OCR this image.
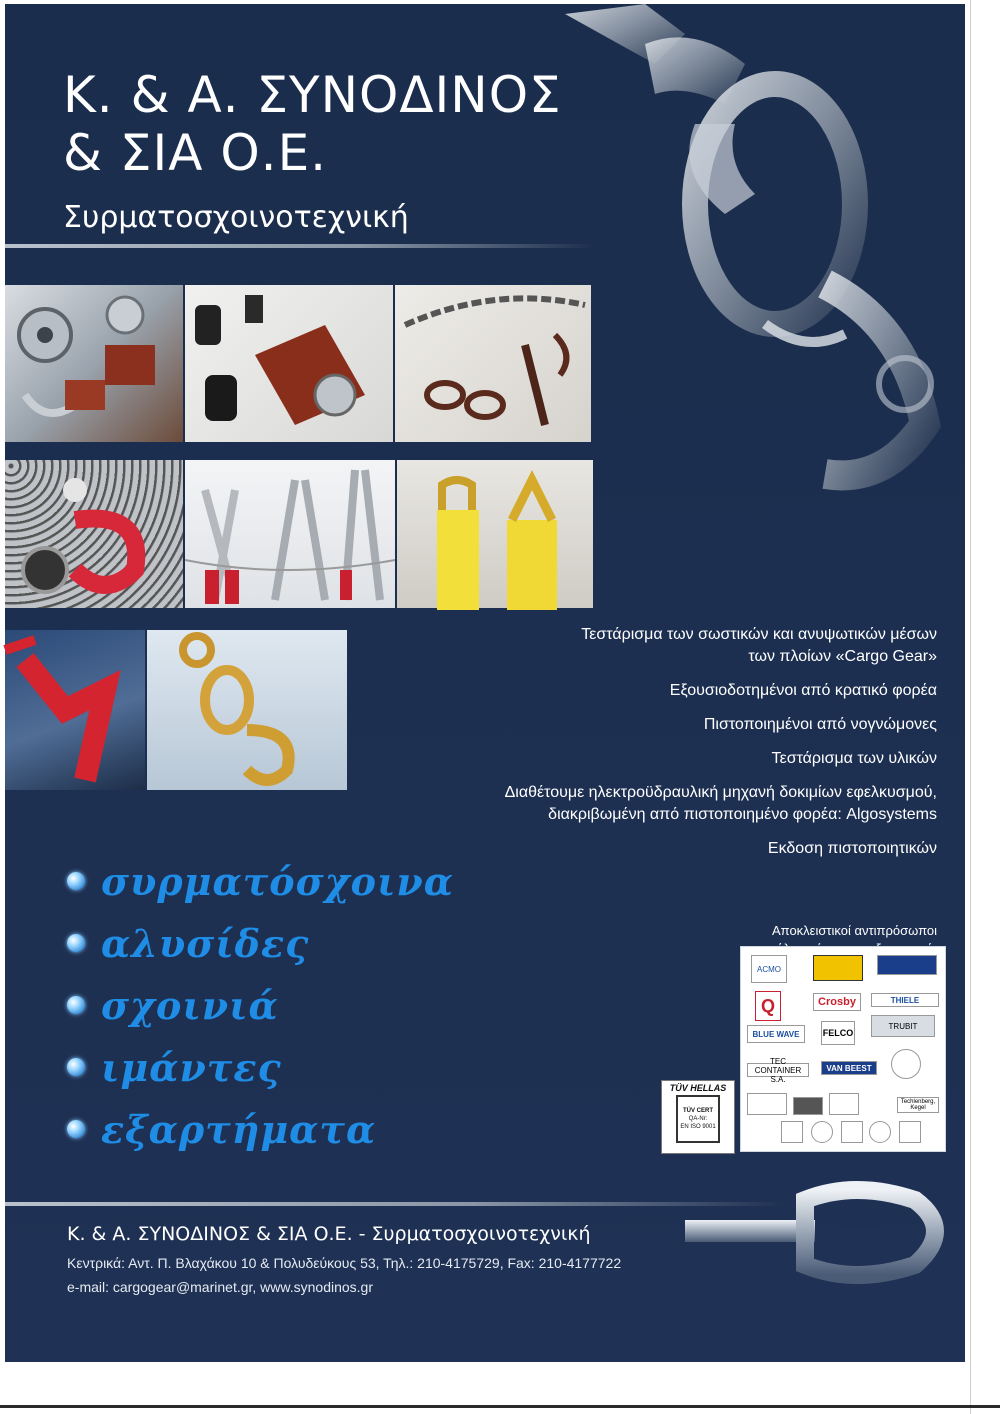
Κ. & Α. ΣΥΝΟΔΙΝΟΣ
& ΣΙΑ Ο.Ε.
Συρματοσχοινοτεχνική

Τεστάρισμα των σωστικών και ανυψωτικών μέσων

των πλοίων «Cargo Gear»

Εξουσιοδοτημένοι από κρατικό φορέα

Πιστοποιημένοι από νογνώμονες

Τεστάρισμα των υλικών

Διαθέτουμε ηλεκτροϋδραυλική μηχανή δοκιμίων εφελκυσμού,

διακριβωμένη από πιστοποιημένο φορέα: Algosystems

Εκδοση πιστοποιητικών

Αποκλειστικοί αντιπρόσωποι
ACMO
Q	Crosby	THIELE
BLUE WAVE	FELCO
TRUBIT
TEC CONTAINER S.A.
VAN BEEST
Techlenberg, Kegel
TÜV HELLAS
TÜV CERT
QA-Nr:
EN ISO 9001
συρματόσχοινα
αλυσίδες
σχοινιά
ιμάντες
εξαρτήματα
Κ. & Α. ΣΥΝΟΔΙΝΟΣ & ΣΙΑ Ο.Ε. - Συρματοσχοινοτεχνική
Κεντρικά: Αντ. Π. Βλαχάκου 10 & Πολυδεύκους 53, Τηλ.: 210-4175729, Fax: 210-4177722
e-mail: cargogear@marinet.gr, www.synodinos.gr
